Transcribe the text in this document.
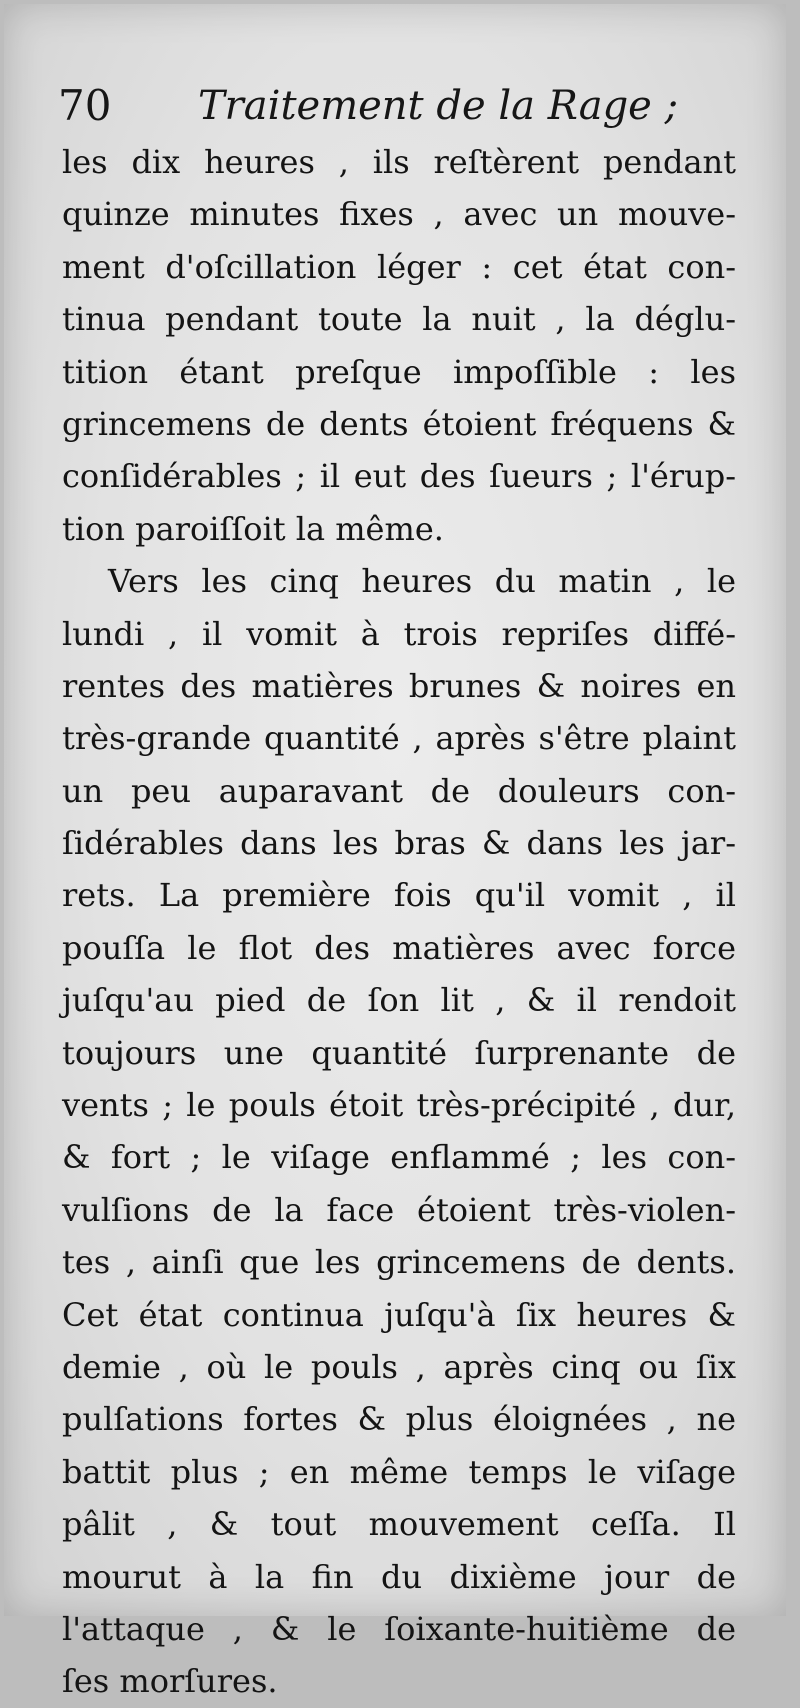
70 Traitement de la Rage ;
les dix heures , ils reſtèrent pendant
quinze minutes fixes , avec un mouve-
ment d'oſcillation léger : cet état con-
tinua pendant toute la nuit , la déglu-
tition étant preſque impoſſible : les
grincemens de dents étoient fréquens &
conſidérables ; il eut des ſueurs ; l'érup-
tion paroiſſoit la même.
Vers les cinq heures du matin , le
lundi , il vomit à trois repriſes diffé-
rentes des matières brunes & noires en
très-grande quantité , après s'être plaint
un peu auparavant de douleurs con-
ſidérables dans les bras & dans les jar-
rets. La première fois qu'il vomit , il
pouſſa le flot des matières avec force
juſqu'au pied de ſon lit , & il rendoit
toujours une quantité ſurprenante de
vents ; le pouls étoit très-précipité , dur,
& fort ; le viſage enflammé ; les con-
vulſions de la face étoient très-violen-
tes , ainſi que les grincemens de dents.
Cet état continua juſqu'à ſix heures &
demie , où le pouls , après cinq ou ſix
pulſations fortes & plus éloignées , ne
battit plus ; en même temps le viſage
pâlit , & tout mouvement ceſſa. Il
mourut à la fin du dixième jour de
l'attaque , & le ſoixante-huitième de
ſes morſures.
